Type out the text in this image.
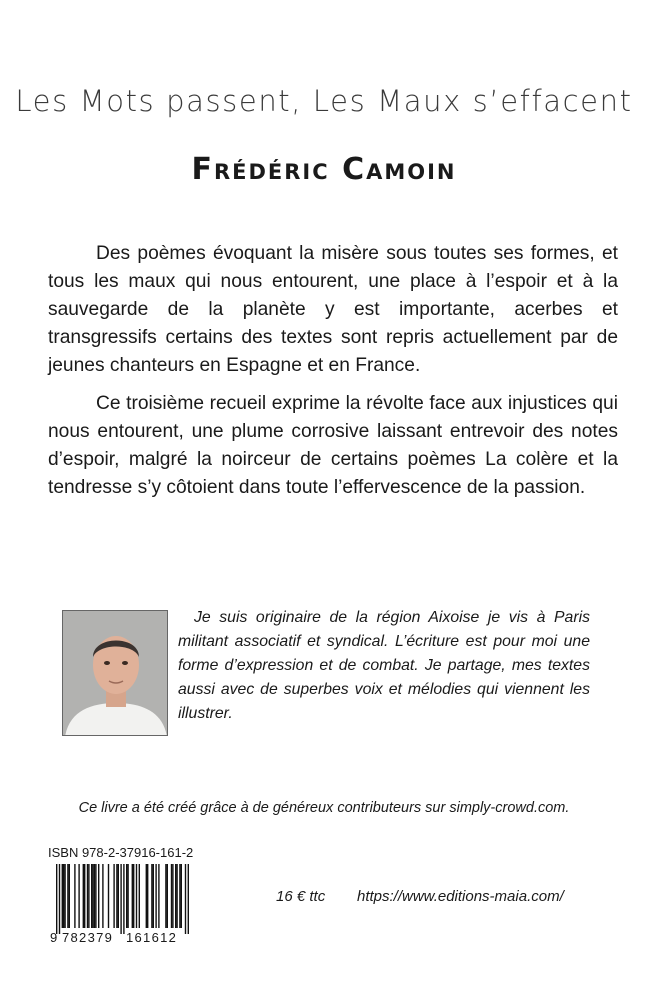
Les Mots passent, Les Maux s’effacent
Frédéric Camoin

Des poèmes évoquant la misère sous toutes ses formes, et tous les maux qui nous entourent, une place à l’espoir et à la sauvegarde de la planète y est importante, acerbes et transgressifs certains des textes sont repris actuellement par de jeunes chanteurs en Espagne et en France.

Ce troisième recueil exprime la révolte face aux injustices qui nous entourent, une plume corrosive laissant entrevoir des notes d’espoir, malgré la noirceur de certains poèmes La colère et la tendresse s’y côtoient dans toute l’effervescence de la passion.

Je suis originaire de la région Aixoise je vis à Paris militant associatif et syndical. L’écriture est pour moi une forme d’expression et de combat. Je partage, mes textes aussi avec de superbes voix et mélodies qui viennent les illustrer.
Ce livre a été créé grâce à de généreux contributeurs sur simply-crowd.com.
ISBN 978-2-37916-161-2
9 782379 161612
16 € ttc https://www.editions-maia.com/
